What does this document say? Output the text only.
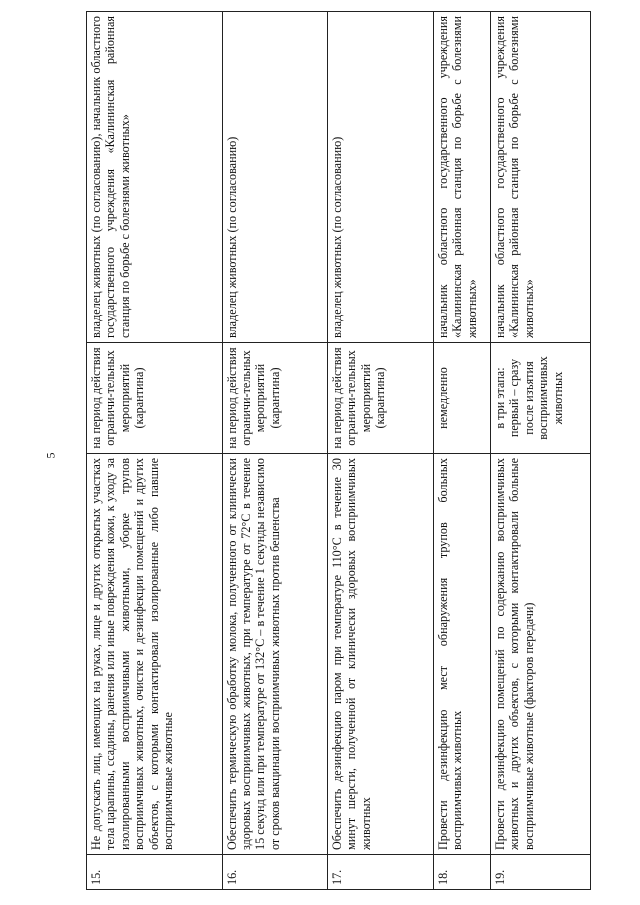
5
15.	Не допускать лиц, имеющих на руках, лице и других открытых участках тела царапины, ссадины, ранения или иные повреждения кожи, к уходу за изолированными восприимчивыми животными, уборке трупов восприимчивых животных, очистке и дезинфекции помещений и других объектов, с которыми контактировали изолированные либо павшие восприимчивые животные	на период действия ограничи-тельных мероприятий (карантина)	владелец животных (по согласованию), начальник областного государственного учреждения «Калининская районная станция по борьбе с болезнями животных»
16.	Обеспечить термическую обработку молока, полученного от клинически здоровых восприимчивых животных, при температуре от 72°С в течение 15 секунд или при температуре от 132°С – в течение 1 секунды независимо от сроков вакцинации восприимчивых животных против бешенства	на период действия ограничи-тельных мероприятий (карантина)	владелец животных (по согласованию)
17.	Обеспечить дезинфекцию паром при температуре 110°С в течение 30 минут шерсти, полученной от клинически здоровых восприимчивых животных	на период действия ограничи-тельных мероприятий (карантина)	владелец животных (по согласованию)
18.	Провести дезинфекцию мест обнаружения трупов больных восприимчивых животных	немедленно	начальник областного государственного учреждения «Калининская районная станция по борьбе с болезнями животных»
19.	Провести дезинфекцию помещений по содержанию восприимчивых животных и других объектов, с которыми контактировали больные восприимчивые животные (факторов передачи)	в три этапа: первый – сразу после изъятия восприимчивых животных	начальник областного государственного учреждения «Калининская районная станция по борьбе с болезнями животных»
